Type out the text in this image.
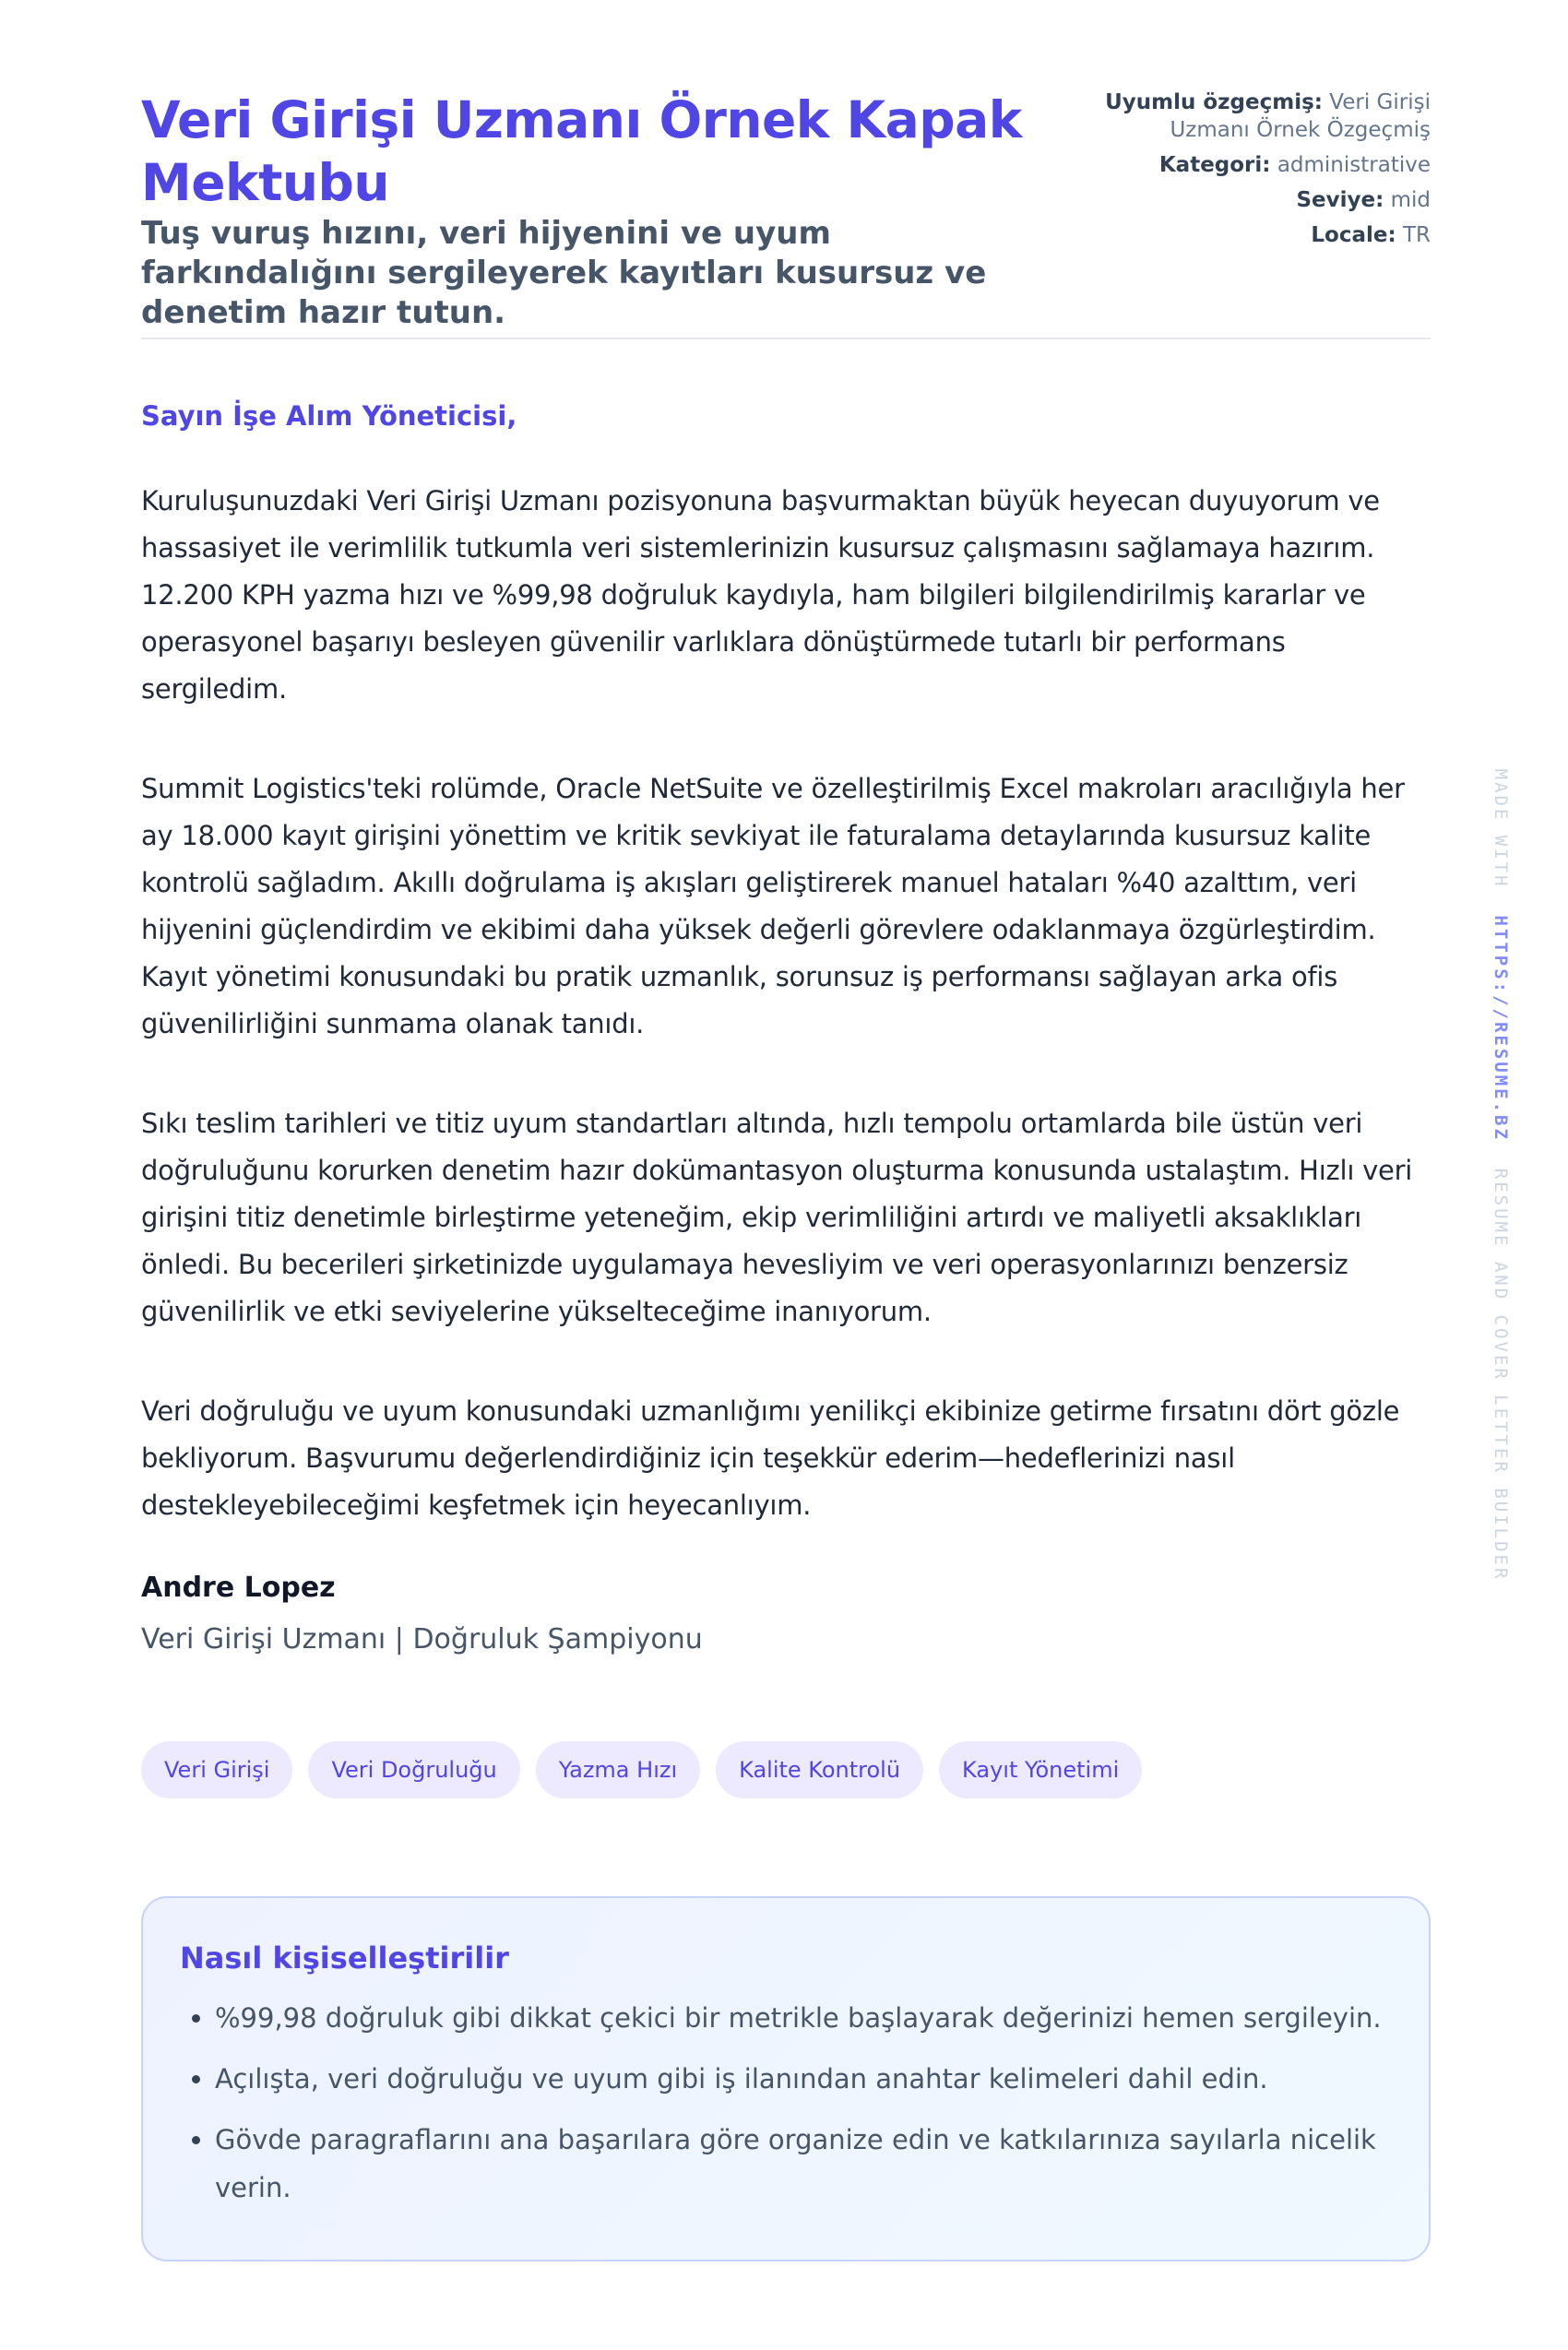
Veri Girişi Uzmanı Örnek Kapak Mektubu
Tuş vuruş hızını, veri hijyenini ve uyum farkındalığını sergileyerek kayıtları kusursuz ve denetim hazır tutun.
Uyumlu özgeçmiş: Veri Girişi Uzmanı Örnek Özgeçmiş
Kategori: administrative
Seviye: mid
Locale: TR
Sayın İşe Alım Yöneticisi,

Kuruluşunuzdaki Veri Girişi Uzmanı pozisyonuna başvurmaktan büyük heyecan duyuyorum ve hassasiyet ile verimlilik tutkumla veri sistemlerinizin kusursuz çalışmasını sağlamaya hazırım. 12.200 KPH yazma hızı ve %99,98 doğruluk kaydıyla, ham bilgileri bilgilendirilmiş kararlar ve operasyonel başarıyı besleyen güvenilir varlıklara dönüştürmede tutarlı bir performans sergiledim.

Summit Logistics'teki rolümde, Oracle NetSuite ve özelleştirilmiş Excel makroları aracılığıyla her ay 18.000 kayıt girişini yönettim ve kritik sevkiyat ile faturalama detaylarında kusursuz kalite kontrolü sağladım. Akıllı doğrulama iş akışları geliştirerek manuel hataları %40 azalttım, veri hijyenini güçlendirdim ve ekibimi daha yüksek değerli görevlere odaklanmaya özgürleştirdim. Kayıt yönetimi konusundaki bu pratik uzmanlık, sorunsuz iş performansı sağlayan arka ofis güvenilirliğini sunmama olanak tanıdı.

Sıkı teslim tarihleri ve titiz uyum standartları altında, hızlı tempolu ortamlarda bile üstün veri doğruluğunu korurken denetim hazır dokümantasyon oluşturma konusunda ustalaştım. Hızlı veri girişini titiz denetimle birleştirme yeteneğim, ekip verimliliğini artırdı ve maliyetli aksaklıkları önledi. Bu becerileri şirketinizde uygulamaya hevesliyim ve veri operasyonlarınızı benzersiz güvenilirlik ve etki seviyelerine yükselteceğime inanıyorum.

Veri doğruluğu ve uyum konusundaki uzmanlığımı yenilikçi ekibinize getirme fırsatını dört gözle bekliyorum. Başvurumu değerlendirdiğiniz için teşekkür ederim—hedeflerinizi nasıl destekleyebileceğimi keşfetmek için heyecanlıyım.

Andre Lopez
Veri Girişi Uzmanı | Doğruluk Şampiyonu
Veri Girişi	Veri Doğruluğu	Yazma Hızı	Kalite Kontrolü	Kayıt Yönetimi
Nasıl kişiselleştirilir
• %99,98 doğruluk gibi dikkat çekici bir metrikle başlayarak değerinizi hemen sergileyin.
• Açılışta, veri doğruluğu ve uyum gibi iş ilanından anahtar kelimeleri dahil edin.
• Gövde paragraflarını ana başarılara göre organize edin ve katkılarınıza sayılarla nicelik verin.
MADE WITH  HTTPS://RESUME.BZ  RESUME AND COVER LETTER BUILDER
